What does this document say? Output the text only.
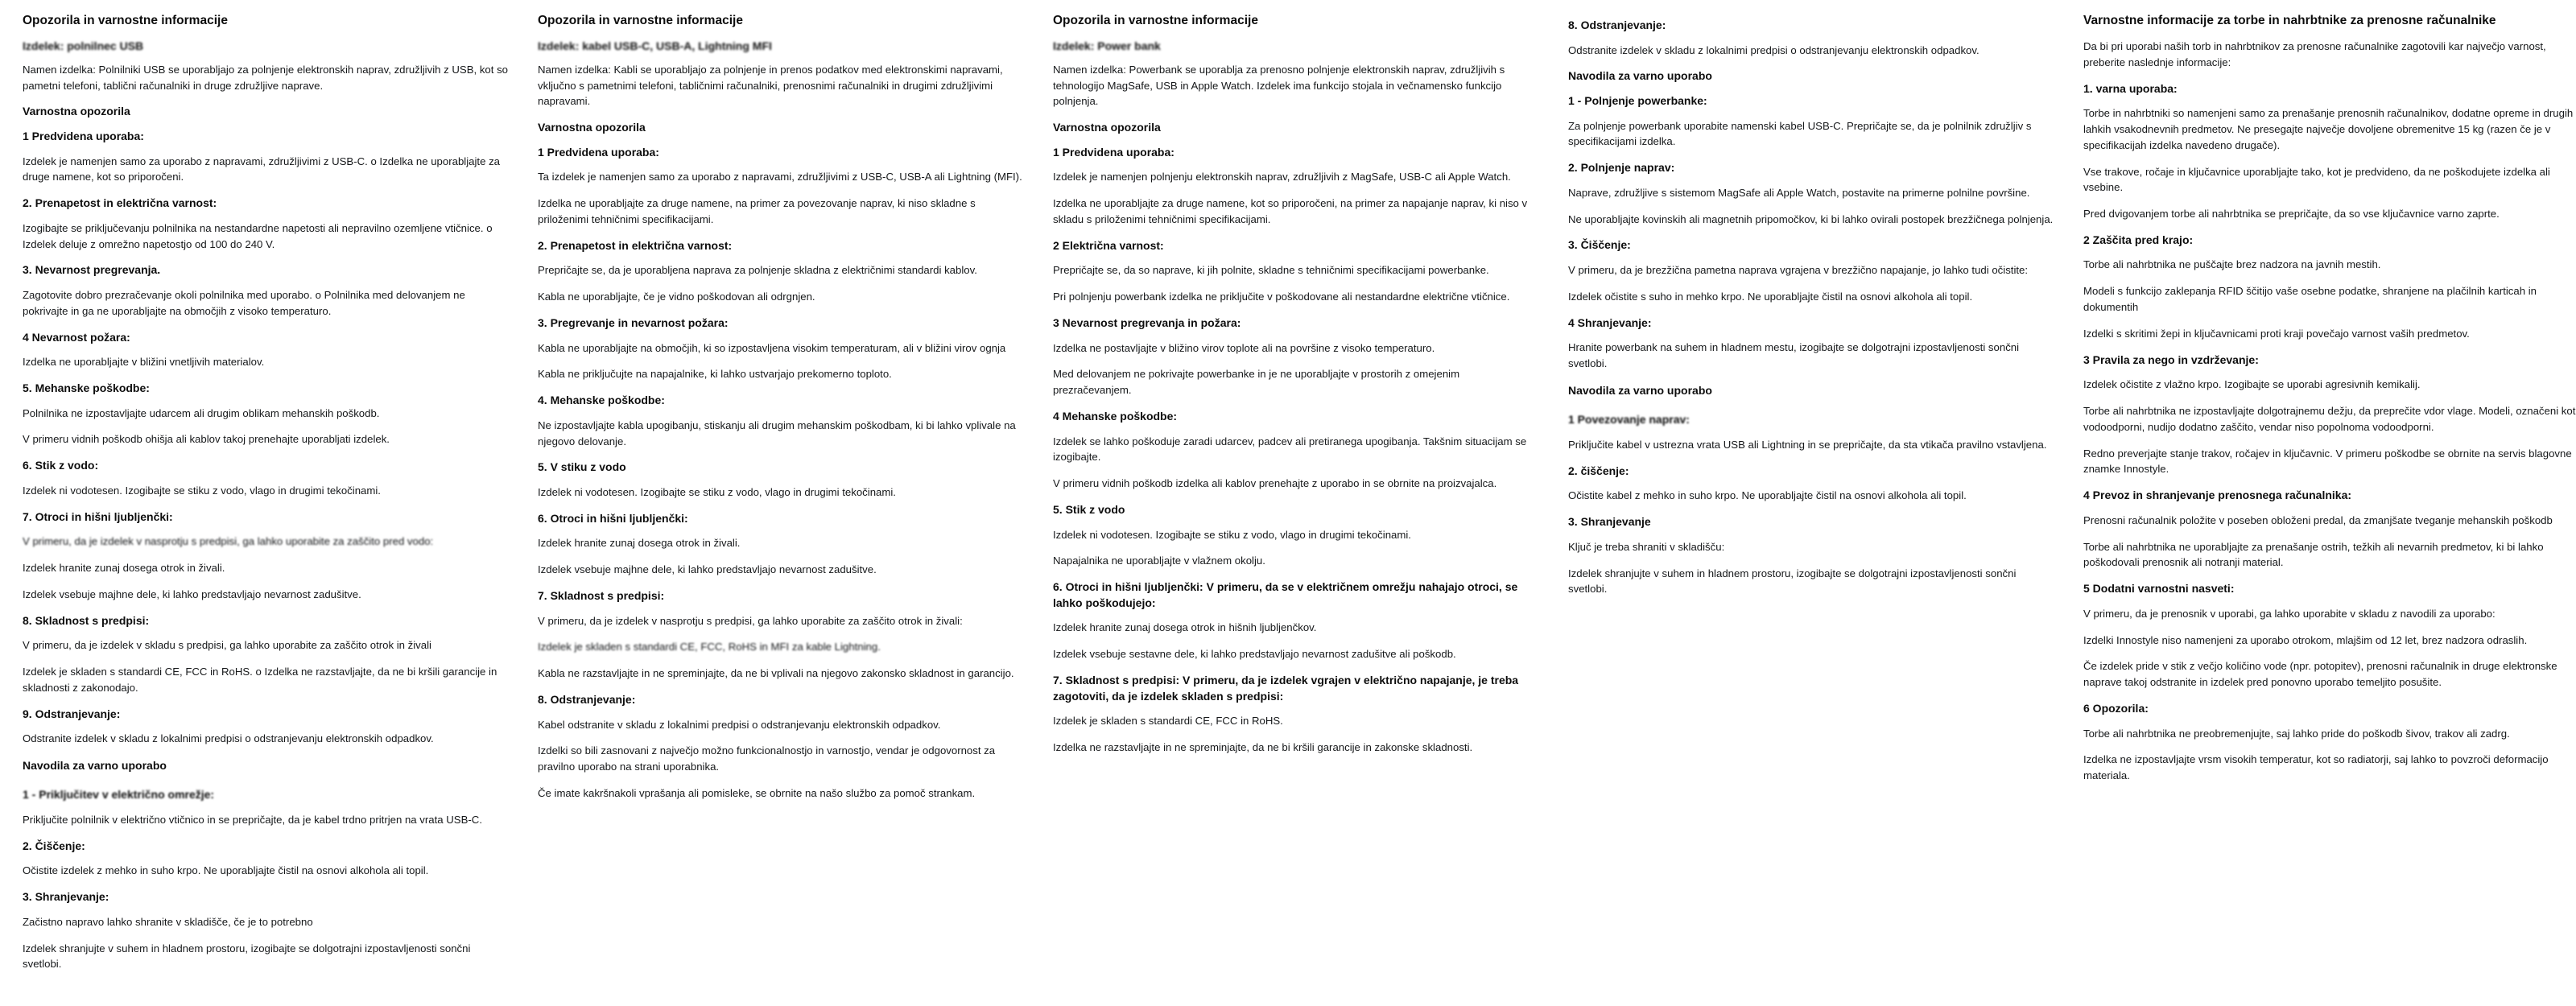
Opozorila in varnostne informacije
Izdelek: polnilnec USB

Namen izdelka: Polnilniki USB se uporabljajo za polnjenje elektronskih naprav, združljivih z USB, kot so pametni telefoni, tablični računalniki in druge združljive naprave.

Varnostna opozorila
1 Predvidena uporaba:

Izdelek je namenjen samo za uporabo z napravami, združljivimi z USB-C. o Izdelka ne uporabljajte za druge namene, kot so priporočeni.

2. Prenapetost in električna varnost:

Izogibajte se priključevanju polnilnika na nestandardne napetosti ali nepravilno ozemljene vtičnice. o Izdelek deluje z omrežno napetostjo od 100 do 240 V.

3. Nevarnost pregrevanja.

Zagotovite dobro prezračevanje okoli polnilnika med uporabo. o Polnilnika med delovanjem ne pokrivajte in ga ne uporabljajte na območjih z visoko temperaturo.

4 Nevarnost požara:

Izdelka ne uporabljajte v bližini vnetljivih materialov.

5. Mehanske poškodbe:

Polnilnika ne izpostavljajte udarcem ali drugim oblikam mehanskih poškodb.

V primeru vidnih poškodb ohišja ali kablov takoj prenehajte uporabljati izdelek.

6. Stik z vodo:

Izdelek ni vodotesen. Izogibajte se stiku z vodo, vlago in drugimi tekočinami.

7. Otroci in hišni ljubljenčki:

V primeru, da je izdelek v nasprotju s predpisi, ga lahko uporabite za zaščito pred vodo:

Izdelek hranite zunaj dosega otrok in živali.

Izdelek vsebuje majhne dele, ki lahko predstavljajo nevarnost zadušitve.

8. Skladnost s predpisi:

V primeru, da je izdelek v skladu s predpisi, ga lahko uporabite za zaščito otrok in živali

Izdelek je skladen s standardi CE, FCC in RoHS. o Izdelka ne razstavljajte, da ne bi kršili garancije in skladnosti z zakonodajo.

9. Odstranjevanje:

Odstranite izdelek v skladu z lokalnimi predpisi o odstranjevanju elektronskih odpadkov.

Navodila za varno uporabo
1 - Priključitev v električno omrežje:

Priključite polnilnik v električno vtičnico in se prepričajte, da je kabel trdno pritrjen na vrata USB-C.

2. Čiščenje:

Očistite izdelek z mehko in suho krpo. Ne uporabljajte čistil na osnovi alkohola ali topil.

3. Shranjevanje:

Začistno napravo lahko shranite v skladišče, če je to potrebno

Izdelek shranjujte v suhem in hladnem prostoru, izogibajte se dolgotrajni izpostavljenosti sončni svetlobi.

Opozorila in varnostne informacije
Izdelek: kabel USB-C, USB-A, Lightning MFI

Namen izdelka: Kabli se uporabljajo za polnjenje in prenos podatkov med elektronskimi napravami, vključno s pametnimi telefoni, tabličnimi računalniki, prenosnimi računalniki in drugimi združljivimi napravami.

Varnostna opozorila
1 Predvidena uporaba:

Ta izdelek je namenjen samo za uporabo z napravami, združljivimi z USB-C, USB-A ali Lightning (MFI).

Izdelka ne uporabljajte za druge namene, na primer za povezovanje naprav, ki niso skladne s priloženimi tehničnimi specifikacijami.

2. Prenapetost in električna varnost:

Prepričajte se, da je uporabljena naprava za polnjenje skladna z električnimi standardi kablov.

Kabla ne uporabljajte, če je vidno poškodovan ali odrgnjen.

3. Pregrevanje in nevarnost požara:

Kabla ne uporabljajte na območjih, ki so izpostavljena visokim temperaturam, ali v bližini virov ognja

Kabla ne priključujte na napajalnike, ki lahko ustvarjajo prekomerno toploto.

4. Mehanske poškodbe:

Ne izpostavljajte kabla upogibanju, stiskanju ali drugim mehanskim poškodbam, ki bi lahko vplivale na njegovo delovanje.

5. V stiku z vodo

Izdelek ni vodotesen. Izogibajte se stiku z vodo, vlago in drugimi tekočinami.

6. Otroci in hišni ljubljenčki:

Izdelek hranite zunaj dosega otrok in živali.

Izdelek vsebuje majhne dele, ki lahko predstavljajo nevarnost zadušitve.

7. Skladnost s predpisi:

V primeru, da je izdelek v nasprotju s predpisi, ga lahko uporabite za zaščito otrok in živali:

Izdelek je skladen s standardi CE, FCC, RoHS in MFI za kable Lightning.

Kabla ne razstavljajte in ne spreminjajte, da ne bi vplivali na njegovo zakonsko skladnost in garancijo.

8. Odstranjevanje:

Kabel odstranite v skladu z lokalnimi predpisi o odstranjevanju elektronskih odpadkov.

Izdelki so bili zasnovani z največjo možno funkcionalnostjo in varnostjo, vendar je odgovornost za pravilno uporabo na strani uporabnika.

Če imate kakršnakoli vprašanja ali pomisleke, se obrnite na našo službo za pomoč strankam.

Opozorila in varnostne informacije
Izdelek: Power bank

Namen izdelka: Powerbank se uporablja za prenosno polnjenje elektronskih naprav, združljivih s tehnologijo MagSafe, USB in Apple Watch. Izdelek ima funkcijo stojala in večnamensko funkcijo polnjenja.

Varnostna opozorila
1 Predvidena uporaba:

Izdelek je namenjen polnjenju elektronskih naprav, združljivih z MagSafe, USB-C ali Apple Watch.

Izdelka ne uporabljajte za druge namene, kot so priporočeni, na primer za napajanje naprav, ki niso v skladu s priloženimi tehničnimi specifikacijami.

2 Električna varnost:

Prepričajte se, da so naprave, ki jih polnite, skladne s tehničnimi specifikacijami powerbanke.

Pri polnjenju powerbank izdelka ne priključite v poškodovane ali nestandardne električne vtičnice.

3 Nevarnost pregrevanja in požara:

Izdelka ne postavljajte v bližino virov toplote ali na površine z visoko temperaturo.

Med delovanjem ne pokrivajte powerbanke in je ne uporabljajte v prostorih z omejenim prezračevanjem.

4 Mehanske poškodbe:

Izdelek se lahko poškoduje zaradi udarcev, padcev ali pretiranega upogibanja. Takšnim situacijam se izogibajte.

V primeru vidnih poškodb izdelka ali kablov prenehajte z uporabo in se obrnite na proizvajalca.

5. Stik z vodo

Izdelek ni vodotesen. Izogibajte se stiku z vodo, vlago in drugimi tekočinami.

Napajalnika ne uporabljajte v vlažnem okolju.

6. Otroci in hišni ljubljenčki: V primeru, da se v električnem omrežju nahajajo otroci, se lahko poškodujejo:

Izdelek hranite zunaj dosega otrok in hišnih ljubljenčkov.

Izdelek vsebuje sestavne dele, ki lahko predstavljajo nevarnost zadušitve ali poškodb.

7. Skladnost s predpisi: V primeru, da je izdelek vgrajen v električno napajanje, je treba zagotoviti, da je izdelek skladen s predpisi:

Izdelek je skladen s standardi CE, FCC in RoHS.

Izdelka ne razstavljajte in ne spreminjajte, da ne bi kršili garancije in zakonske skladnosti.

8. Odstranjevanje:

Odstranite izdelek v skladu z lokalnimi predpisi o odstranjevanju elektronskih odpadkov.

Navodila za varno uporabo
1 - Polnjenje powerbanke:

Za polnjenje powerbank uporabite namenski kabel USB-C. Prepričajte se, da je polnilnik združljiv s specifikacijami izdelka.

2. Polnjenje naprav:

Naprave, združljive s sistemom MagSafe ali Apple Watch, postavite na primerne polnilne površine.

Ne uporabljajte kovinskih ali magnetnih pripomočkov, ki bi lahko ovirali postopek brezžičnega polnjenja.

3. Čiščenje:

V primeru, da je brezžična pametna naprava vgrajena v brezžično napajanje, jo lahko tudi očistite:

Izdelek očistite s suho in mehko krpo. Ne uporabljajte čistil na osnovi alkohola ali topil.

4 Shranjevanje:

Hranite powerbank na suhem in hladnem mestu, izogibajte se dolgotrajni izpostavljenosti sončni svetlobi.

Navodila za varno uporabo
1 Povezovanje naprav:

Priključite kabel v ustrezna vrata USB ali Lightning in se prepričajte, da sta vtikača pravilno vstavljena.

2. čiščenje:

Očistite kabel z mehko in suho krpo. Ne uporabljajte čistil na osnovi alkohola ali topil.

3. Shranjevanje

Ključ je treba shraniti v skladišču:

Izdelek shranjujte v suhem in hladnem prostoru, izogibajte se dolgotrajni izpostavljenosti sončni svetlobi.

Varnostne informacije za torbe in nahrbtnike za prenosne računalnike

Da bi pri uporabi naših torb in nahrbtnikov za prenosne računalnike zagotovili kar največjo varnost, preberite naslednje informacije:

1. varna uporaba:

Torbe in nahrbtniki so namenjeni samo za prenašanje prenosnih računalnikov, dodatne opreme in drugih lahkih vsakodnevnih predmetov. Ne presegajte največje dovoljene obremenitve 15 kg (razen če je v specifikacijah izdelka navedeno drugače).

Vse trakove, ročaje in ključavnice uporabljajte tako, kot je predvideno, da ne poškodujete izdelka ali vsebine.

Pred dvigovanjem torbe ali nahrbtnika se prepričajte, da so vse ključavnice varno zaprte.

2 Zaščita pred krajo:

Torbe ali nahrbtnika ne puščajte brez nadzora na javnih mestih.

Modeli s funkcijo zaklepanja RFID ščitijo vaše osebne podatke, shranjene na plačilnih karticah in dokumentih

Izdelki s skritimi žepi in ključavnicami proti kraji povečajo varnost vaših predmetov.

3 Pravila za nego in vzdrževanje:

Izdelek očistite z vlažno krpo. Izogibajte se uporabi agresivnih kemikalij.

Torbe ali nahrbtnika ne izpostavljajte dolgotrajnemu dežju, da preprečite vdor vlage. Modeli, označeni kot vodoodporni, nudijo dodatno zaščito, vendar niso popolnoma vodoodporni.

Redno preverjajte stanje trakov, ročajev in ključavnic. V primeru poškodbe se obrnite na servis blagovne znamke Innostyle.

4 Prevoz in shranjevanje prenosnega računalnika:

Prenosni računalnik položite v poseben obloženi predal, da zmanjšate tveganje mehanskih poškodb

Torbe ali nahrbtnika ne uporabljajte za prenašanje ostrih, težkih ali nevarnih predmetov, ki bi lahko poškodovali prenosnik ali notranji material.

5 Dodatni varnostni nasveti:

V primeru, da je prenosnik v uporabi, ga lahko uporabite v skladu z navodili za uporabo:

Izdelki Innostyle niso namenjeni za uporabo otrokom, mlajšim od 12 let, brez nadzora odraslih.

Če izdelek pride v stik z večjo količino vode (npr. potopitev), prenosni računalnik in druge elektronske naprave takoj odstranite in izdelek pred ponovno uporabo temeljito posušite.

6 Opozorila:

Torbe ali nahrbtnika ne preobremenjujte, saj lahko pride do poškodb šivov, trakov ali zadrg.

Izdelka ne izpostavljajte vrsm visokih temperatur, kot so radiatorji, saj lahko to povzroči deformacijo materiala.
